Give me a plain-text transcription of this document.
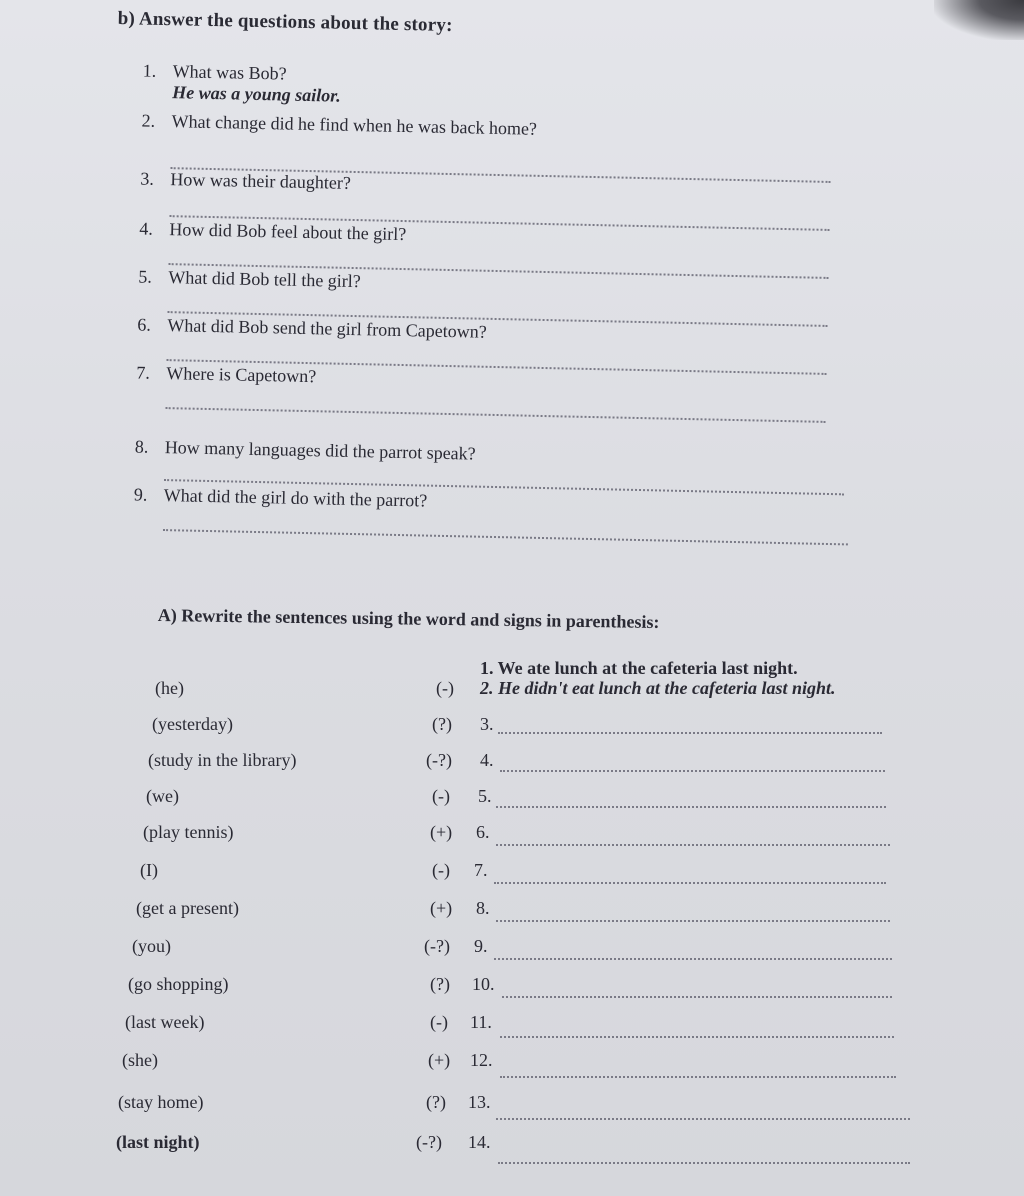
b) Answer the questions about the story:
1. What was Bob?
He was a young sailor.
2. What change did he find when he was back home?
3. How was their daughter?
4. How did Bob feel about the girl?
5. What did Bob tell the girl?
6. What did Bob send the girl from Capetown?
7. Where is Capetown?
8. How many languages did the parrot speak?
9. What did the girl do with the parrot?
A) Rewrite the sentences using the word and signs in parenthesis:
1. We ate lunch at the cafeteria last night.
(he)	(-) 2. He didn't eat lunch at the cafeteria last night.
(yesterday)	(?) 3.
(study in the library)	(-?) 4.
(we)	(-) 5.
(play tennis)	(+) 6.
(I)	(-) 7.
(get a present)	(+) 8.
(you)	(-?) 9.
(go shopping)	(?) 10.
(last week)	(-) 11.
(she)	(+) 12.
(stay home)	(?) 13.
(last night)	(-?) 14.
